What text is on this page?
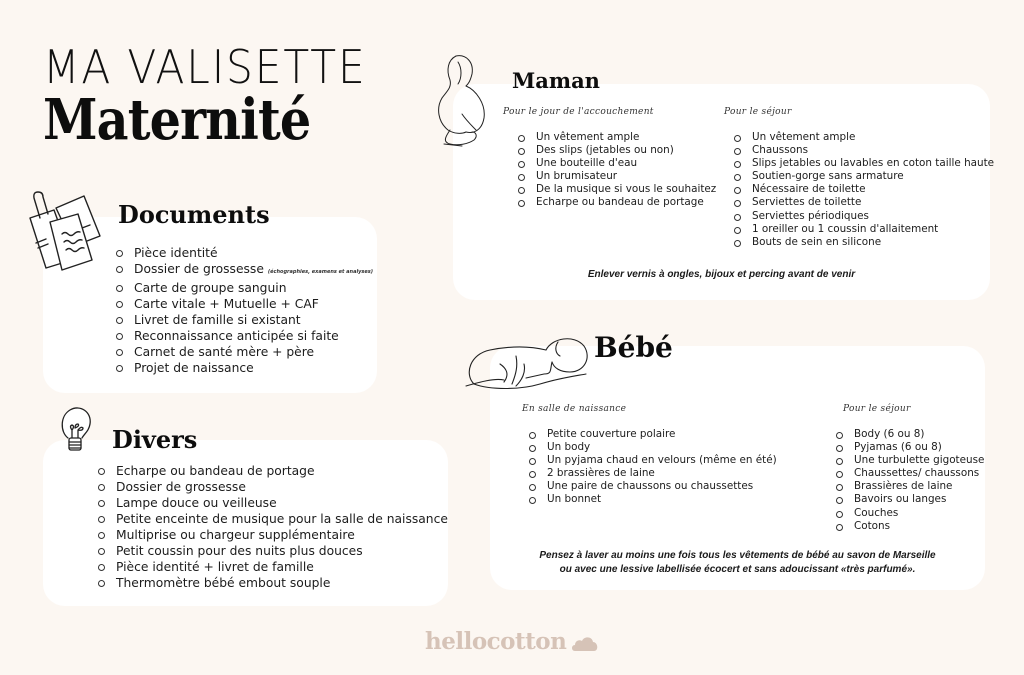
MA VALISETTE
Maternité
Documents
Pièce identité
Dossier de grossesse (échographies, examens et analyses)
Carte de groupe sanguin
Carte vitale + Mutuelle + CAF
Livret de famille si existant
Reconnaissance anticipée si faite
Carnet de santé mère + père
Projet de naissance
Divers
Echarpe ou bandeau de portage
Dossier de grossesse
Lampe douce ou veilleuse
Petite enceinte de musique pour la salle de naissance
Multiprise ou chargeur supplémentaire
Petit coussin pour des nuits plus douces
Pièce identité + livret de famille
Thermomètre bébé embout souple
Maman
Pour le jour de l'accouchement
Un vêtement ample
Des slips (jetables ou non)
Une bouteille d'eau
Un brumisateur
De la musique si vous le souhaitez
Echarpe ou bandeau de portage
Pour le séjour
Un vêtement ample
Chaussons
Slips jetables ou lavables en coton taille haute
Soutien-gorge sans armature
Nécessaire de toilette
Serviettes de toilette
Serviettes périodiques
1 oreiller ou 1 coussin d'allaitement
Bouts de sein en silicone
Enlever vernis à ongles, bijoux et percing avant de venir
Bébé
En salle de naissance
Petite couverture polaire
Un body
Un pyjama chaud en velours (même en été)
2 brassières de laine
Une paire de chaussons ou chaussettes
Un bonnet
Pour le séjour
Body (6 ou 8)
Pyjamas (6 ou 8)
Une turbulette gigoteuse
Chaussettes/ chaussons
Brassières de laine
Bavoirs ou langes
Couches
Cotons
Pensez à laver au moins une fois tous les vêtements de bébé au savon de Marseille
ou avec une lessive labellisée écocert et sans adoucissant «très parfumé».
hellocotton
